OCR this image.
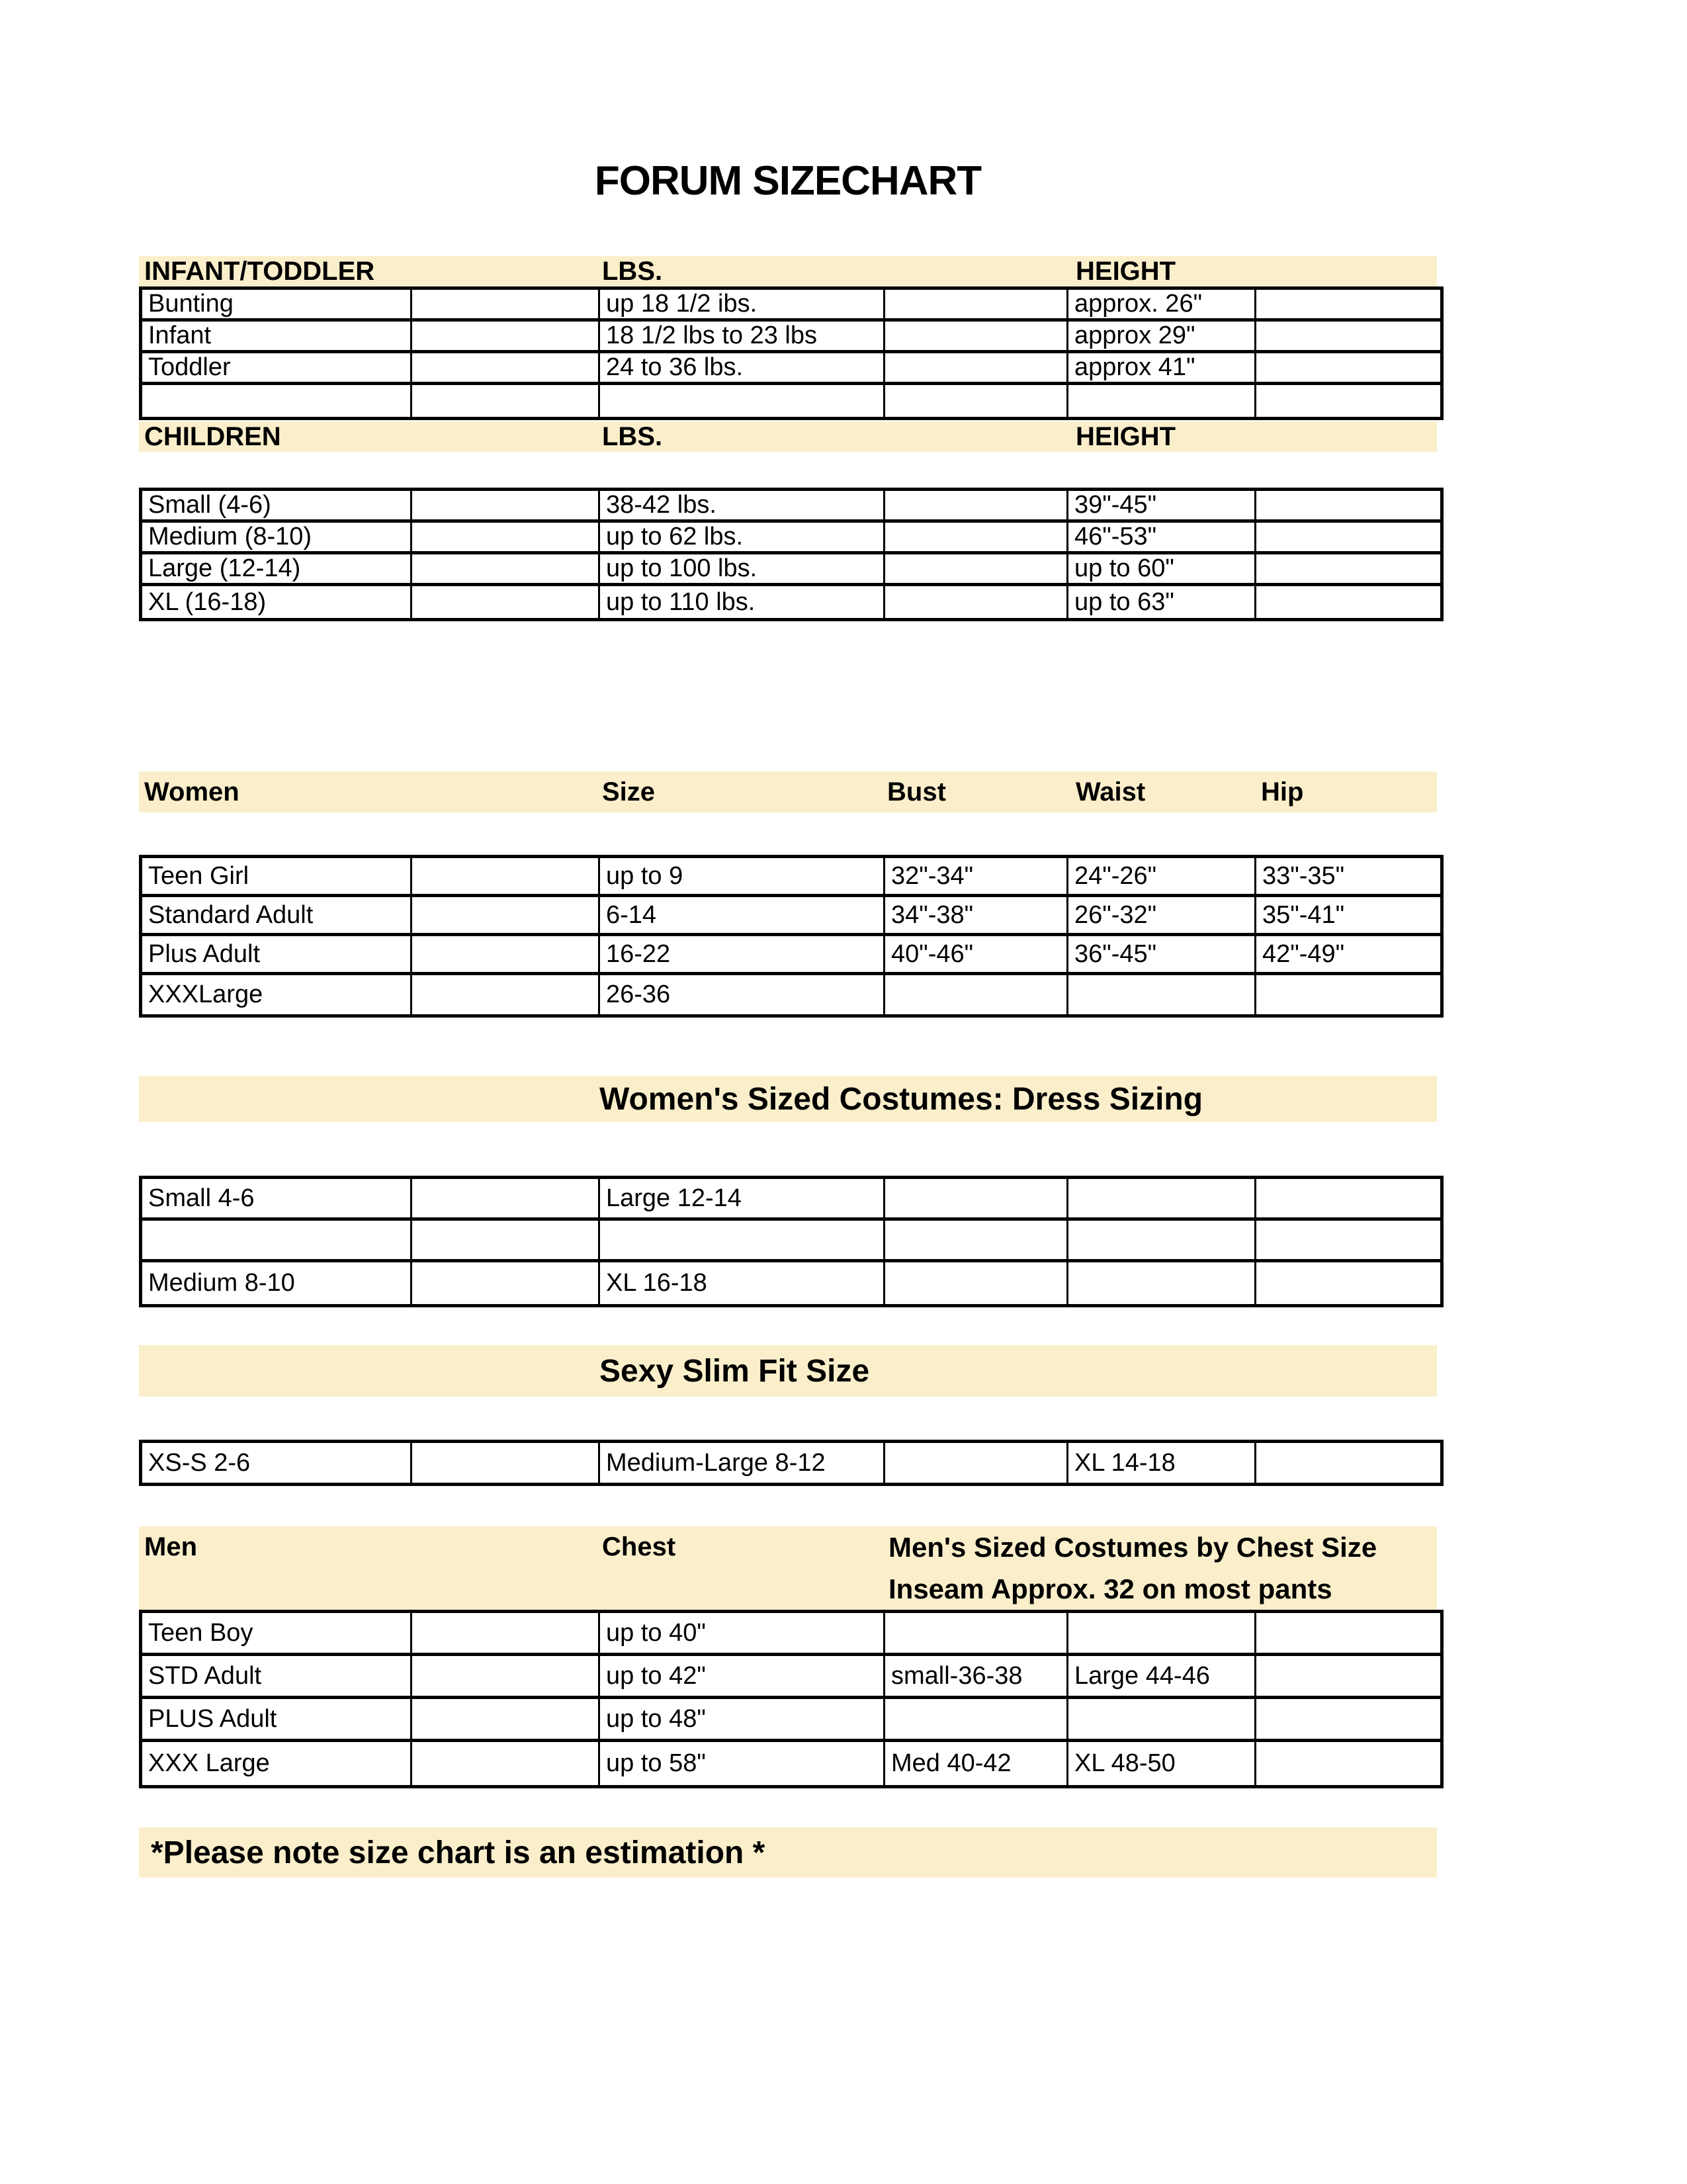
FORUM SIZECHART
INFANT/TODDLER	LBS.	HEIGHT
Bunting	up 18 1/2 ibs.	approx. 26"
Infant	18 1/2 lbs to 23 lbs	approx 29"
Toddler	24 to 36 lbs.	approx 41"
CHILDREN	LBS.	HEIGHT
Small (4-6)	38-42 lbs.	39"-45"
Medium (8-10)	up to 62 lbs.	46"-53"
Large (12-14)	up to 100 lbs.	up to 60"
XL (16-18)	up to 110 lbs.	up to 63"
Women	Size	Bust	Waist	Hip
Teen Girl	up to 9	32"-34"	24"-26"	33"-35"
Standard Adult	6-14	34"-38"	26"-32"	35"-41"
Plus Adult	16-22	40"-46"	36"-45"	42"-49"
XXXLarge	26-36
Women's Sized Costumes: Dress Sizing
Small 4-6	Large 12-14
Medium 8-10	XL 16-18
Sexy Slim Fit Size
XS-S 2-6	Medium-Large 8-12	XL 14-18
Men	Chest	Men's Sized Costumes by Chest Size
Inseam Approx. 32 on most pants
Teen Boy	up to 40"
STD Adult	up to 42"	small-36-38	Large 44-46
PLUS Adult	up to 48"
XXX Large	up to 58"	Med 40-42	XL 48-50
*Please note size chart is an estimation *
